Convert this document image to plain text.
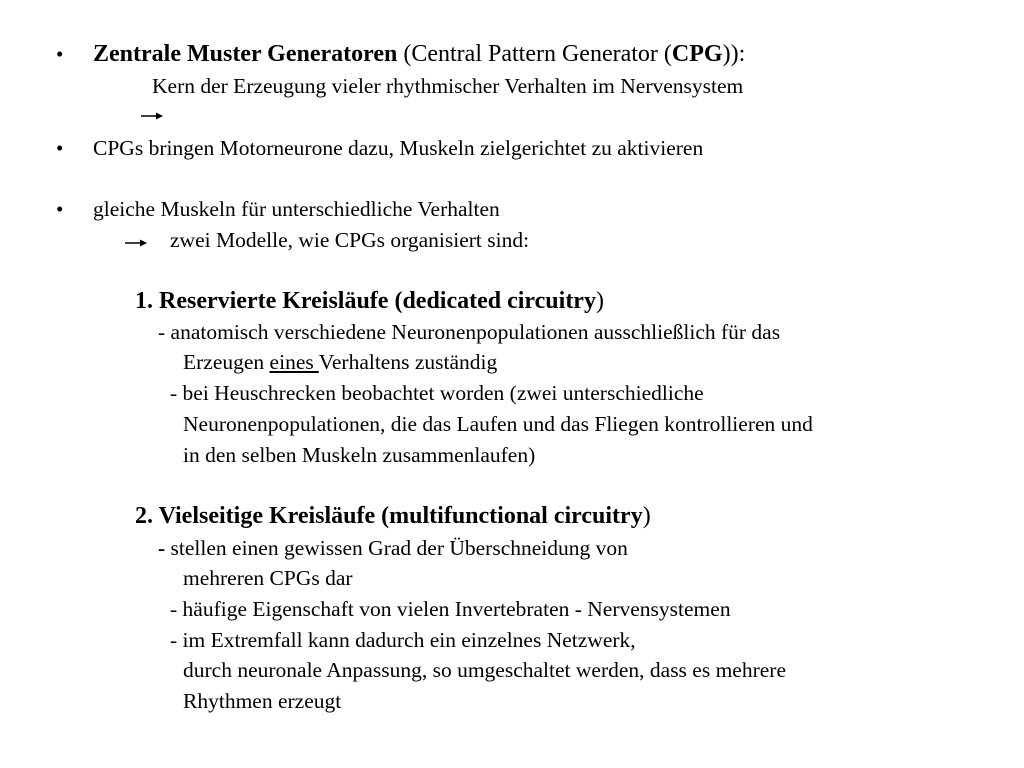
• Zentrale Muster Generatoren (Central Pattern Generator (CPG)):
Kern der Erzeugung vieler rhythmischer Verhalten im Nervensystem
• CPGs bringen Motorneurone dazu, Muskeln zielgerichtet zu aktivieren
• gleiche Muskeln für unterschiedliche Verhalten
zwei Modelle, wie CPGs organisiert sind:
1. Reservierte Kreisläufe (dedicated circuitry)
- anatomisch verschiedene Neuronenpopulationen ausschließlich für das
Erzeugen eines Verhaltens zuständig
- bei Heuschrecken beobachtet worden (zwei unterschiedliche
Neuronenpopulationen, die das Laufen und das Fliegen kontrollieren und
in den selben Muskeln zusammenlaufen)
2. Vielseitige Kreisläufe (multifunctional circuitry)
- stellen einen gewissen Grad der Überschneidung von
mehreren CPGs dar
- häufige Eigenschaft von vielen Invertebraten - Nervensystemen
- im Extremfall kann dadurch ein einzelnes Netzwerk,
durch neuronale Anpassung, so umgeschaltet werden, dass es mehrere
Rhythmen erzeugt
